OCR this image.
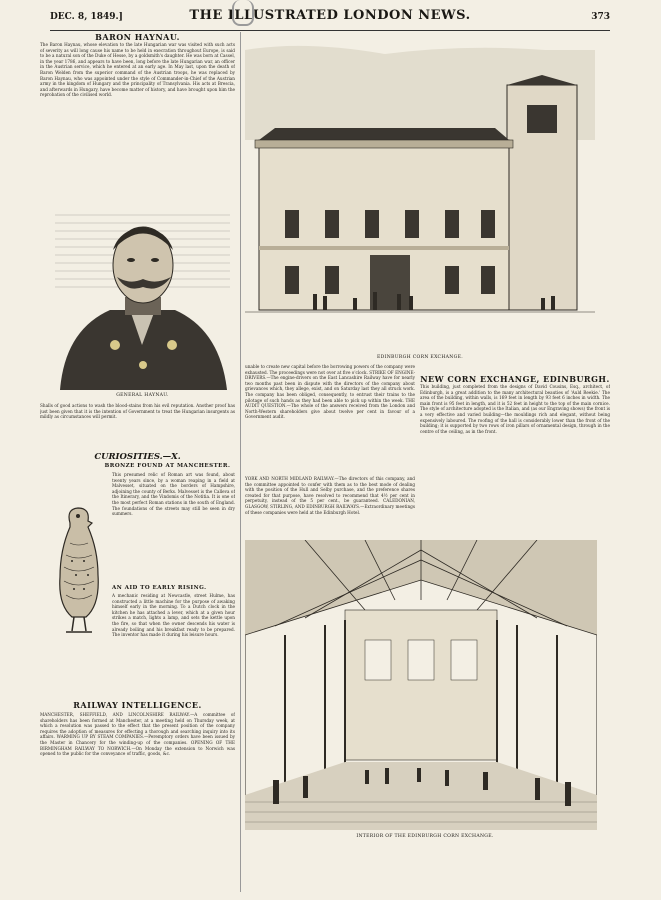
DEC. 8, 1849.]	THE ILLUSTRATED LONDON NEWS.	373
BARON HAYNAU.
The Baron Haynau, whose elevation to the late Hungarian war was visited with such acts of severity as will long cause his name to be held in execration throughout Europe, is said to be a natural son of the Duke of Hesse, by a goldsmith's daughter. He was born at Cassel, in the year 1786, and appears to have been, long before the late Hungarian war, an officer in the Austrian service, which he entered at an early age. In May last, upon the death of Baron Welden from the superior command of the Austrian troops, he was replaced by Baron Haynau, who was appointed under the style of Commander-in-Chief of the Austrian army in the kingdom of Hungary and the principality of Transylvania. His acts at Brescia, and afterwards in Hungary, have become matter of history, and have brought upon him the reprobation of the civilised world.
GENERAL HAYNAU.
Shalls of good actions to wash the blood-stains from his evil reputation. Another proof has just been given that it is the intention of Government to treat the Hungarian insurgents as mildly as circumstances will permit.
CURIOSITIES.—X.
BRONZE FOUND AT MANCHESTER.
This presumed relic of Roman art was found, about twenty years since, by a woman reaping in a field at Malvesset, situated on the borders of Hampshire, adjoining the county of Berks. Malvesset is the Calleva of the Itinerary, and the Vindomis of the Notitia. It is one of the most perfect Roman stations in the south of England. The foundations of the streets may still be seen in dry summers.
AN AID TO EARLY RISING.
A mechanic residing at Newcastle, street Hulme, has constructed a little machine for the purpose of awaking himself early in the morning. To a Dutch clock in the kitchen he has attached a lever, which at a given hour strikes a match, lights a lamp, and sets the kettle upon the fire, so that when the owner descends his water is already boiling and his breakfast ready to be prepared. The inventor has made it during his leisure hours.
RAILWAY INTELLIGENCE.
MANCHESTER, SHEFFIELD, AND LINCOLNSHIRE RAILWAY.—A committee of shareholders has been formed at Manchester, at a meeting held on Thursday week, at which a resolution was passed to the effect that the present position of the company requires the adoption of measures for effecting a thorough and searching inquiry into its affairs. WARMING UP BY STEAM COMPANIES.—Peremptory orders have been issued by the Master in Chancery for the winding-up of the companies. OPENING OF THE BIRMINGHAM RAILWAY TO NORWICH.—On Monday the extension to Norwich was opened to the public for the conveyance of traffic, goods, &c.
EDINBURGH CORN EXCHANGE.
unable to create new capital before the borrowing powers of the company were exhausted. The proceedings were not over at five o'clock. STRIKE OF ENGINE-DRIVERS.—The engine-drivers on the East Lancashire Railway have for nearly two months past been in dispute with the directors of the company about grievances which, they allege, exist, and on Saturday last they all struck work. The company has been obliged, consequently, to entrust their trains to the pilotage of such hands as they had been able to pick up within the week. THE AUDIT QUESTION.—The whole of the answers received from the London and North-Western shareholders give about twelve per cent in favour of a Government audit.
YORK AND NORTH MIDLAND RAILWAY.—The directors of this company, and the committee appointed to confer with them as to the best mode of dealing with the position of the Hull and Selby purchase, and the preference shares created for that purpose, have resolved to recommend that 4½ per cent in perpetuity, instead of the 5 per cent., be guaranteed. CALEDONIAN, GLASGOW, STIRLING, AND EDINBURGH RAILWAYS.—Extraordinary meetings of these companies were held at the Edinburgh Hotel.
NEW CORN EXCHANGE, EDINBURGH.
This building, just completed from the designs of David Cousins, Esq., architect, of Edinburgh, is a great addition to the many architectural beauties of 'Auld Reekie.' The area of the building, within walls, is 169 feet in length by 93 feet 6 inches in width. The main front is 95 feet in length, and it is 52 feet in height to the top of the main cornice. The style of architecture adopted is the Italian, and (as our Engraving shows) the front is a very effective and varied building—the mouldings rich and elegant, without being expensively laboured. The roofing of the hall is considerably lower than the front of the building; it is supported by two rows of iron pillars of ornamental design, through in the centre of the ceiling, as in the front.
INTERIOR OF THE EDINBURGH CORN EXCHANGE.
